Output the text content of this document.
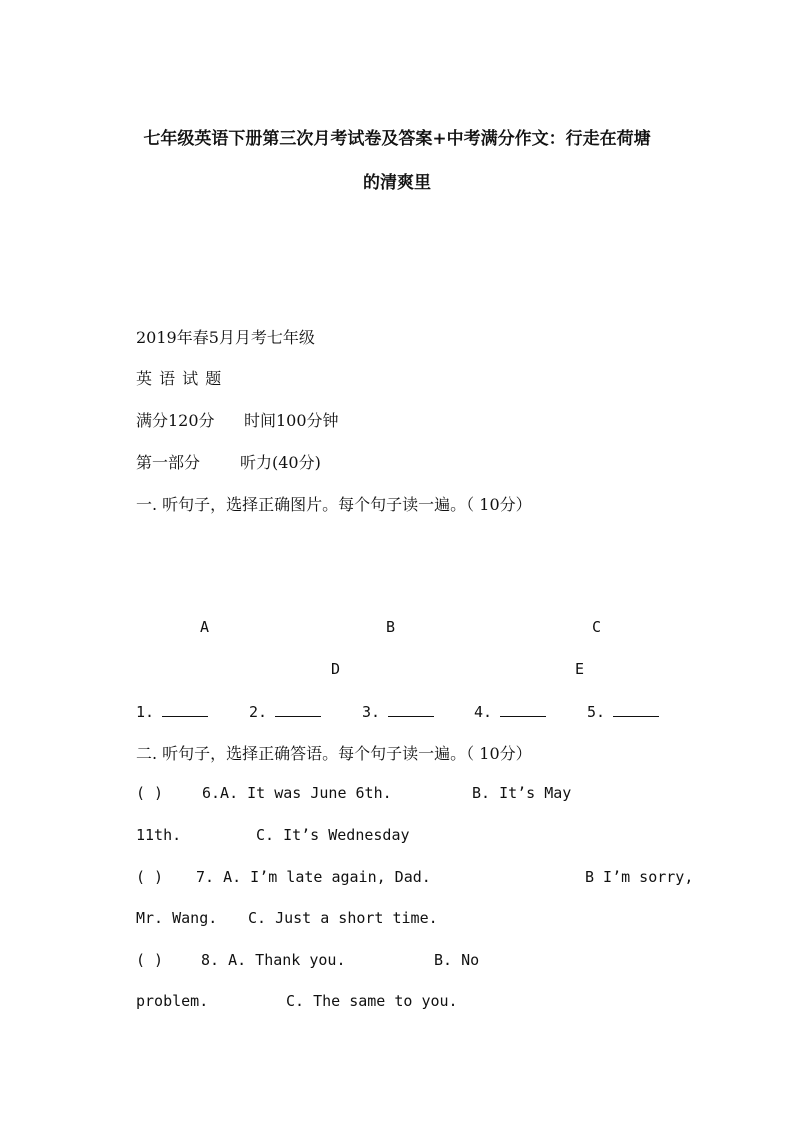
七年级英语下册第三次月考试卷及答案+中考满分作文：行走在荷塘
的清爽里
2019年春5月月考七年级
英 语 试 题
满分120分 时间100分钟
第一部分 听力(40分)
一. 听句子，选择正确图片。每个句子读一遍。（ 10分）
A	B	C
D	E
1.	2.	3.	4.	5.
二. 听句子，选择正确答语。每个句子读一遍。（ 10分）
( )	6.A. It was June 6th.	B. It’s May
11th.	C. It’s Wednesday
( ) 7. A. I’m late again, Dad.	B I’m sorry,
Mr. Wang. C. Just a short time.
( )	8. A. Thank you.	B. No
problem.	C. The same to you.
